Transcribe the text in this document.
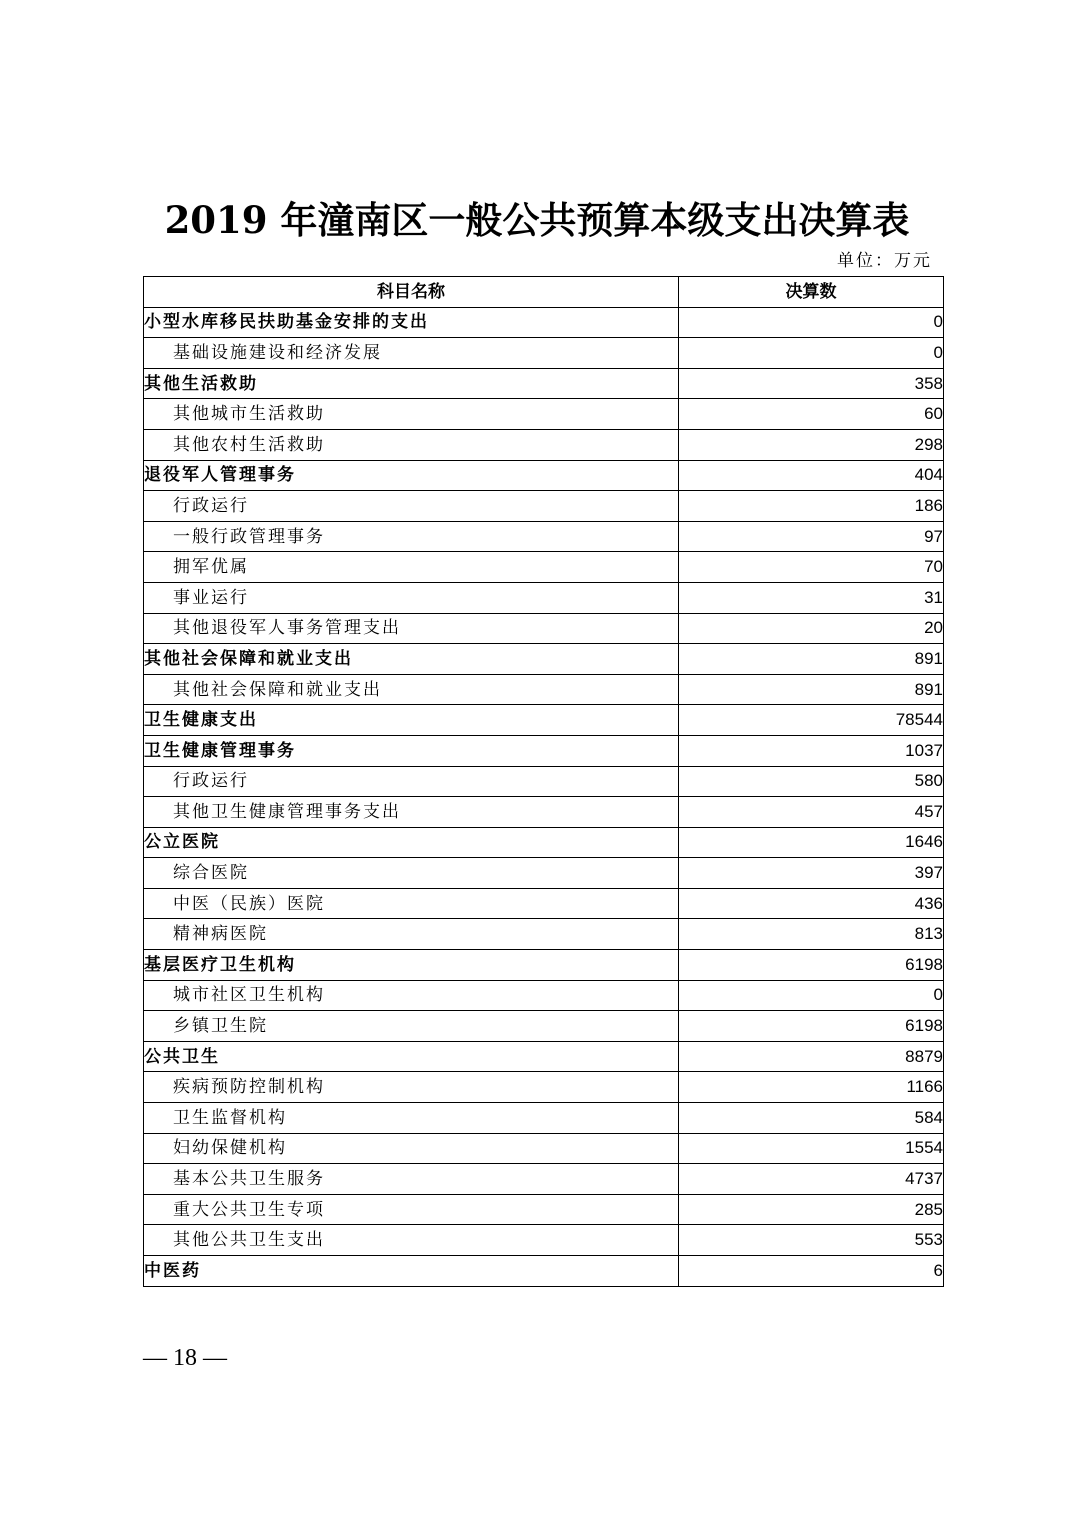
2019 年潼南区一般公共预算本级支出决算表
单位：万元
科目名称	决算数
小型水库移民扶助基金安排的支出	0
基础设施建设和经济发展	0
其他生活救助	358
其他城市生活救助	60
其他农村生活救助	298
退役军人管理事务	404
行政运行	186
一般行政管理事务	97
拥军优属	70
事业运行	31
其他退役军人事务管理支出	20
其他社会保障和就业支出	891
其他社会保障和就业支出	891
卫生健康支出	78544
卫生健康管理事务	1037
行政运行	580
其他卫生健康管理事务支出	457
公立医院	1646
综合医院	397
中医（民族）医院	436
精神病医院	813
基层医疗卫生机构	6198
城市社区卫生机构	0
乡镇卫生院	6198
公共卫生	8879
疾病预防控制机构	1166
卫生监督机构	584
妇幼保健机构	1554
基本公共卫生服务	4737
重大公共卫生专项	285
其他公共卫生支出	553
中医药	6
— 18 —
